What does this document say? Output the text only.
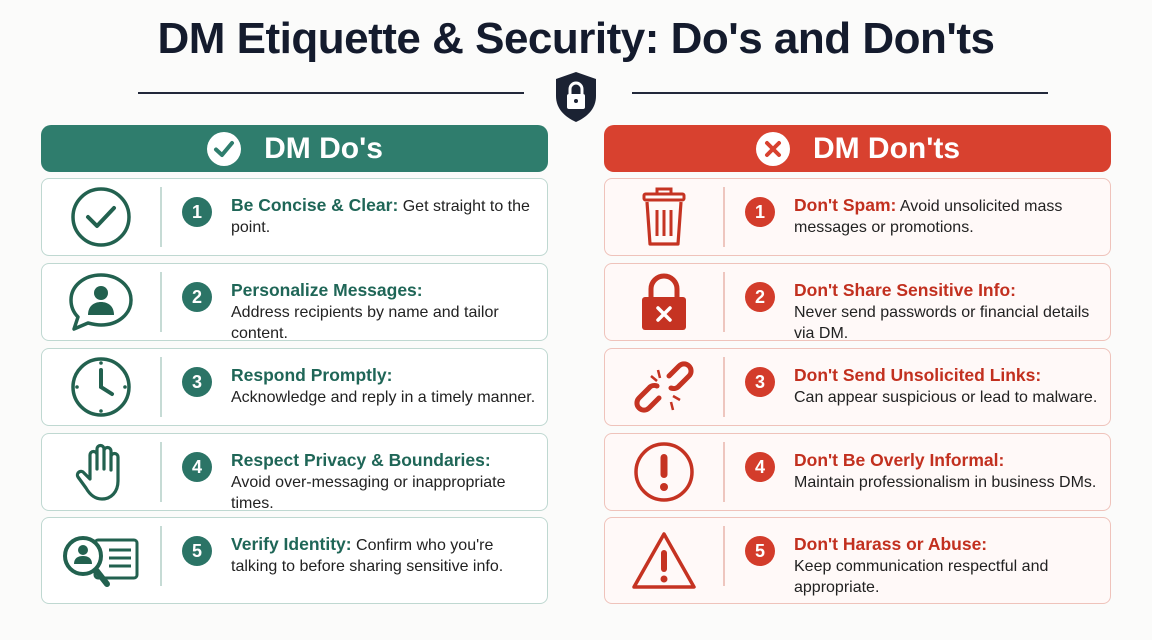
DM Etiquette & Security: Do's and Don'ts
DM Do's
1	Be Concise & Clear: Get straight to the point.
2	Personalize Messages:
Address recipients by name and tailor content.
3	Respond Promptly:
Acknowledge and reply in a timely manner.
4	Respect Privacy & Boundaries:
Avoid over-messaging or inappropriate times.
5	Verify Identity: Confirm who you're talking to before sharing sensitive info.
DM Don'ts
1	Don't Spam: Avoid unsolicited mass messages or promotions.
2	Don't Share Sensitive Info:
Never send passwords or financial details via DM.
3	Don't Send Unsolicited Links:
Can appear suspicious or lead to malware.
4	Don't Be Overly Informal:
Maintain professionalism in business DMs.
5	Don't Harass or Abuse:
Keep communication respectful and appropriate.
